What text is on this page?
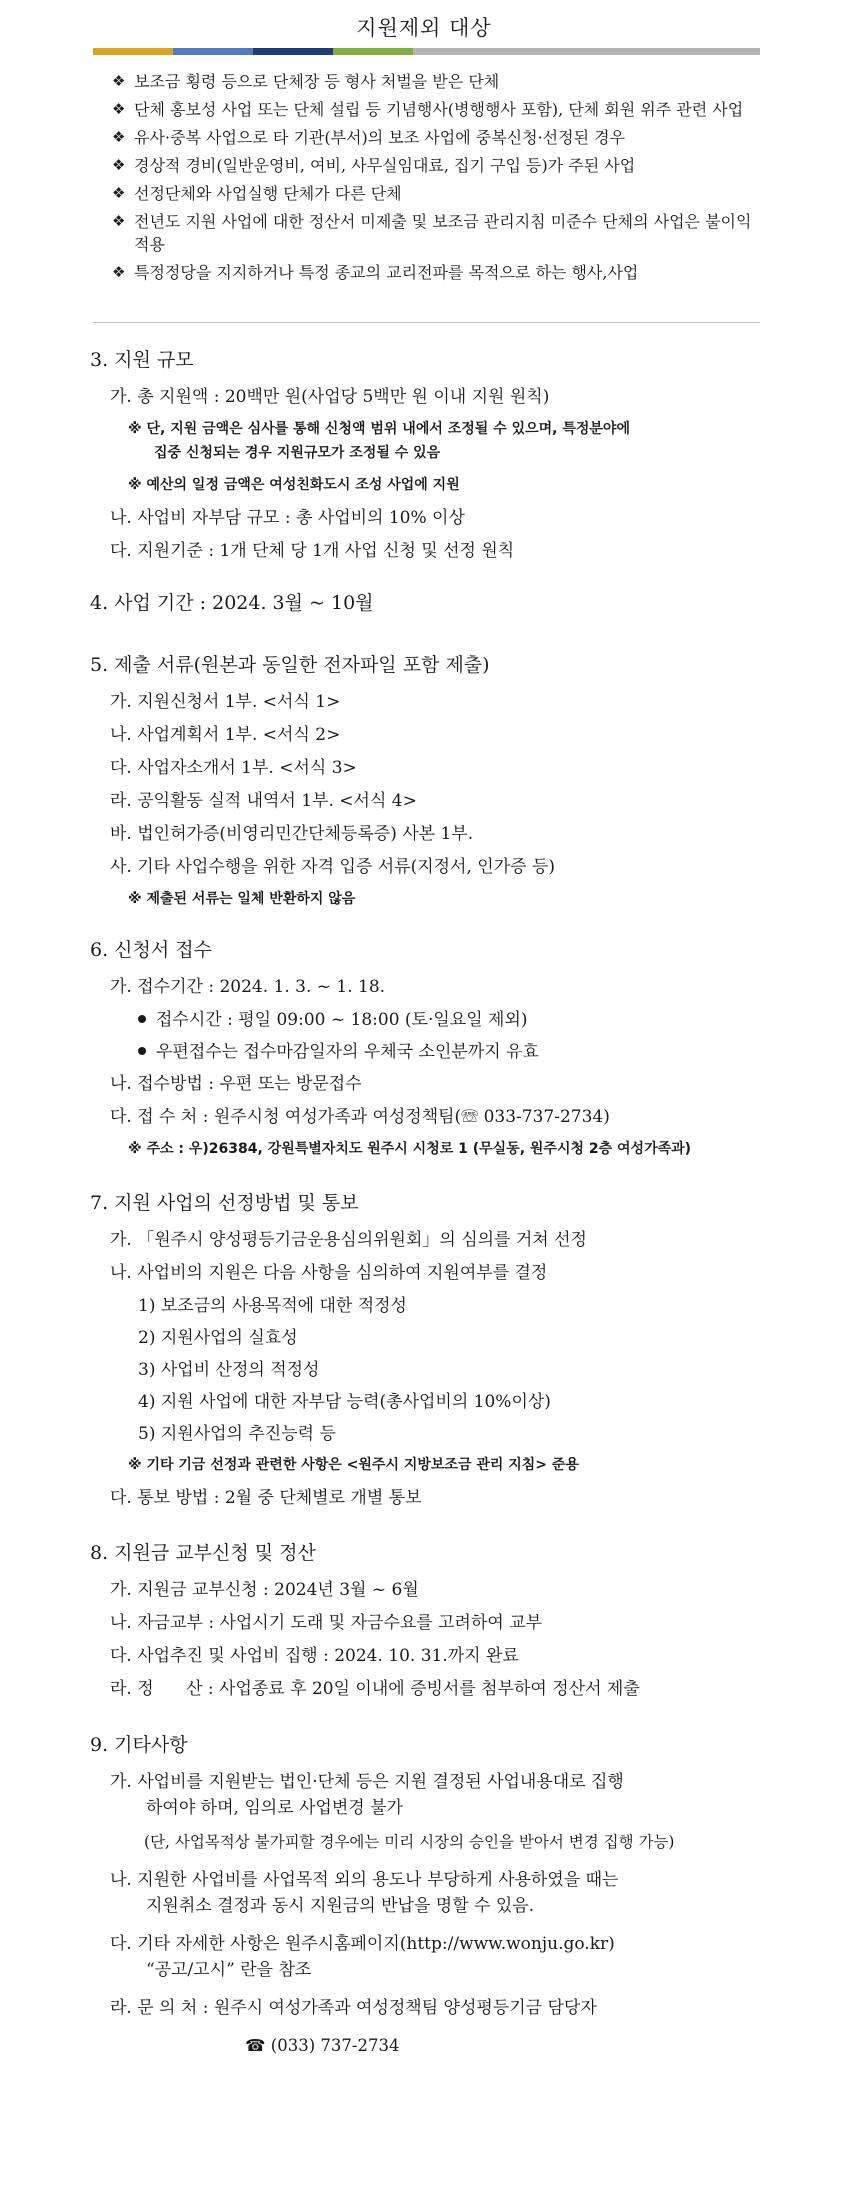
지원제외 대상
❖ 보조금 횡령 등으로 단체장 등 형사 처벌을 받은 단체
❖ 단체 홍보성 사업 또는 단체 설립 등 기념행사(병행행사 포함), 단체 회원 위주 관련 사업
❖ 유사·중복 사업으로 타 기관(부서)의 보조 사업에 중복신청·선정된 경우
❖ 경상적 경비(일반운영비, 여비, 사무실임대료, 집기 구입 등)가 주된 사업
❖ 선정단체와 사업실행 단체가 다른 단체
❖ 전년도 지원 사업에 대한 정산서 미제출 및 보조금 관리지침 미준수 단체의 사업은 불이익 적용
❖ 특정정당을 지지하거나 특정 종교의 교리전파를 목적으로 하는 행사,사업
3. 지원 규모
가. 총 지원액 : 20백만 원(사업당 5백만 원 이내 지원 원칙)
※ 단, 지원 금액은 심사를 통해 신청액 범위 내에서 조정될 수 있으며, 특정분야에
집중 신청되는 경우 지원규모가 조정될 수 있음
※ 예산의 일정 금액은 여성친화도시 조성 사업에 지원
나. 사업비 자부담 규모 : 총 사업비의 10% 이상
다. 지원기준 : 1개 단체 당 1개 사업 신청 및 선정 원칙
4. 사업 기간 : 2024. 3월 ~ 10월
5. 제출 서류(원본과 동일한 전자파일 포함 제출)
가. 지원신청서 1부. <서식 1>
나. 사업계획서 1부. <서식 2>
다. 사업자소개서 1부. <서식 3>
라. 공익활동 실적 내역서 1부. <서식 4>
바. 법인허가증(비영리민간단체등록증) 사본 1부.
사. 기타 사업수행을 위한 자격 입증 서류(지정서, 인가증 등)
※ 제출된 서류는 일체 반환하지 않음
6. 신청서 접수
가. 접수기간 : 2024. 1. 3. ~ 1. 18.
접수시간 : 평일 09:00 ~ 18:00 (토·일요일 제외)
우편접수는 접수마감일자의 우체국 소인분까지 유효
나. 접수방법 : 우편 또는 방문접수
다. 접 수 처 : 원주시청 여성가족과 여성정책팀(☏ 033-737-2734)
※ 주소 : 우)26384, 강원특별자치도 원주시 시청로 1 (무실동, 원주시청 2층 여성가족과)
7. 지원 사업의 선정방법 및 통보
가. 「원주시 양성평등기금운용심의위원회」의 심의를 거쳐 선정
나. 사업비의 지원은 다음 사항을 심의하여 지원여부를 결정
1) 보조금의 사용목적에 대한 적정성
2) 지원사업의 실효성
3) 사업비 산정의 적정성
4) 지원 사업에 대한 자부담 능력(총사업비의 10%이상)
5) 지원사업의 추진능력 등
※ 기타 기금 선정과 관련한 사항은 <원주시 지방보조금 관리 지침> 준용
다. 통보 방법 : 2월 중 단체별로 개별 통보
8. 지원금 교부신청 및 정산
가. 지원금 교부신청 : 2024년 3월 ~ 6월
나. 자금교부 : 사업시기 도래 및 자금수요를 고려하여 교부
다. 사업추진 및 사업비 집행 : 2024. 10. 31.까지 완료
라. 정      산 : 사업종료 후 20일 이내에 증빙서를 첨부하여 정산서 제출
9. 기타사항
가. 사업비를 지원받는 법인·단체 등은 지원 결정된 사업내용대로 집행
하여야 하며, 임의로 사업변경 불가
(단, 사업목적상 불가피할 경우에는 미리 시장의 승인을 받아서 변경 집행 가능)
나. 지원한 사업비를 사업목적 외의 용도나 부당하게 사용하였을 때는
지원취소 결정과 동시 지원금의 반납을 명할 수 있음.
다. 기타 자세한 사항은 원주시홈페이지(http://www.wonju.go.kr)
“공고/고시” 란을 참조
라. 문 의 처 : 원주시 여성가족과 여성정책팀 양성평등기금 담당자
☎ (033) 737-2734
